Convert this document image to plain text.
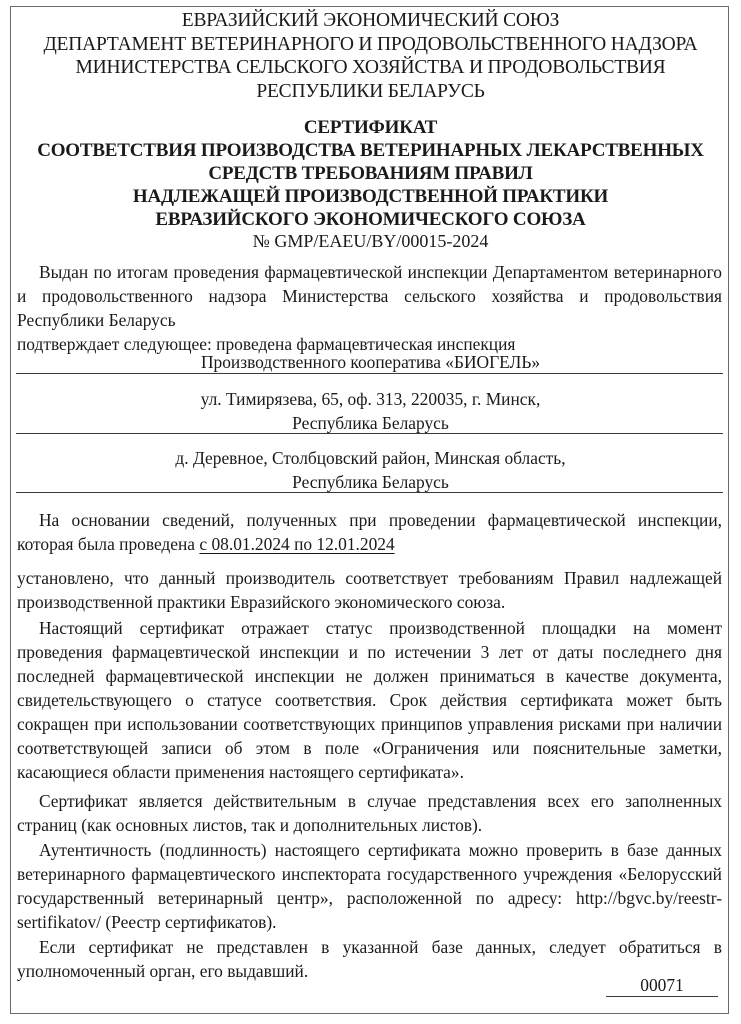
ЕВРАЗИЙСКИЙ ЭКОНОМИЧЕСКИЙ СОЮЗ
ДЕПАРТАМЕНТ ВЕТЕРИНАРНОГО И ПРОДОВОЛЬСТВЕННОГО НАДЗОРА
МИНИСТЕРСТВА СЕЛЬСКОГО ХОЗЯЙСТВА И ПРОДОВОЛЬСТВИЯ
РЕСПУБЛИКИ БЕЛАРУСЬ
СЕРТИФИКАТ
СООТВЕТСТВИЯ ПРОИЗВОДСТВА ВЕТЕРИНАРНЫХ ЛЕКАРСТВЕННЫХ
СРЕДСТВ ТРЕБОВАНИЯМ ПРАВИЛ
НАДЛЕЖАЩЕЙ ПРОИЗВОДСТВЕННОЙ ПРАКТИКИ
ЕВРАЗИЙСКОГО ЭКОНОМИЧЕСКОГО СОЮЗА
№ GMP/EAEU/BY/00015-2024
Выдан по итогам проведения фармацевтической инспекции Департаментом ветеринарного и продовольственного надзора Министерства сельского хозяйства и продовольствия Республики Беларусь
подтверждает следующее: проведена фармацевтическая инспекция
Производственного кооператива «БИОГЕЛЬ»
ул. Тимирязева, 65, оф. 313, 220035, г. Минск,
Республика Беларусь
д. Деревное, Столбцовский район, Минская область,
Республика Беларусь
На основании сведений, полученных при проведении фармацевтической инспекции, которая была проведена с 08.01.2024 по 12.01.2024
установлено, что данный производитель соответствует требованиям Правил надлежащей производственной практики Евразийского экономического союза.
Настоящий сертификат отражает статус производственной площадки на момент проведения фармацевтической инспекции и по истечении 3 лет от даты последнего дня последней фармацевтической инспекции не должен приниматься в качестве документа, свидетельствующего о статусе соответствия. Срок действия сертификата может быть сокращен при использовании соответствующих принципов управления рисками при наличии соответствующей записи об этом в поле «Ограничения или пояснительные заметки, касающиеся области применения настоящего сертификата».
Сертификат является действительным в случае представления всех его заполненных страниц (как основных листов, так и дополнительных листов).
Аутентичность (подлинность) настоящего сертификата можно проверить в базе данных ветеринарного фармацевтического инспектората государственного учреждения «Белорусский государственный ветеринарный центр», расположенной по адресу: http://bgvc.by/reestr-sertifikatov/ (Реестр сертификатов).
Если сертификат не представлен в указанной базе данных, следует обратиться в уполномоченный орган, его выдавший.
00071
